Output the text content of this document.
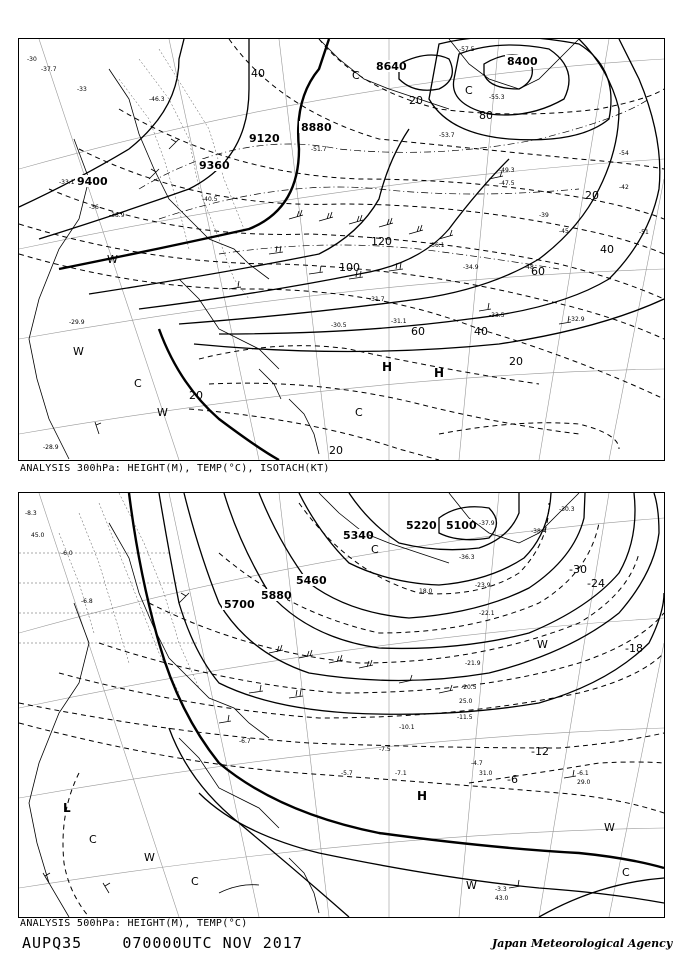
8400
8640
8880
9120
9360
9400
-30
-33
-36
-39
-42
-45
-48
-51
-54
20
40
60
80
100
120
40
20
60
20
40
20
20
H	H
W
W
W
C
C
C
C
-37.7
-38.9
-33.1
-29.9
-28.9
-31.7
-30.5
-33.5
-32.9
-49.3
-53.7
-47.5
-57.5
-55.3
-51.7
-46.3
-40.5
-36.1
-34.9
-31.1
ANALYSIS 300hPa: HEIGHT(M), TEMP(°C), ISOTACH(KT)
5100
5220
5340
5460
5700
5880
-6
-12
-18
-24
-30
H
L
W
W
W
W
C
C
C
C
-8.3
-6.0
-6.8
-23.9
-22.1
-21.9
-20.5
-11.5
-10.1
-7.5
-7.1
-6.7
-5.7
-4.7
-3.3
-6.1
-30.3
-36.3
-37.9
-38.4
29.0
31.0
43.0
45.0
18.0
25.0
ANALYSIS 500hPa: HEIGHT(M), TEMP(°C)
AUPQ35	070000UTC NOV 2017	Japan Meteorological Agency
